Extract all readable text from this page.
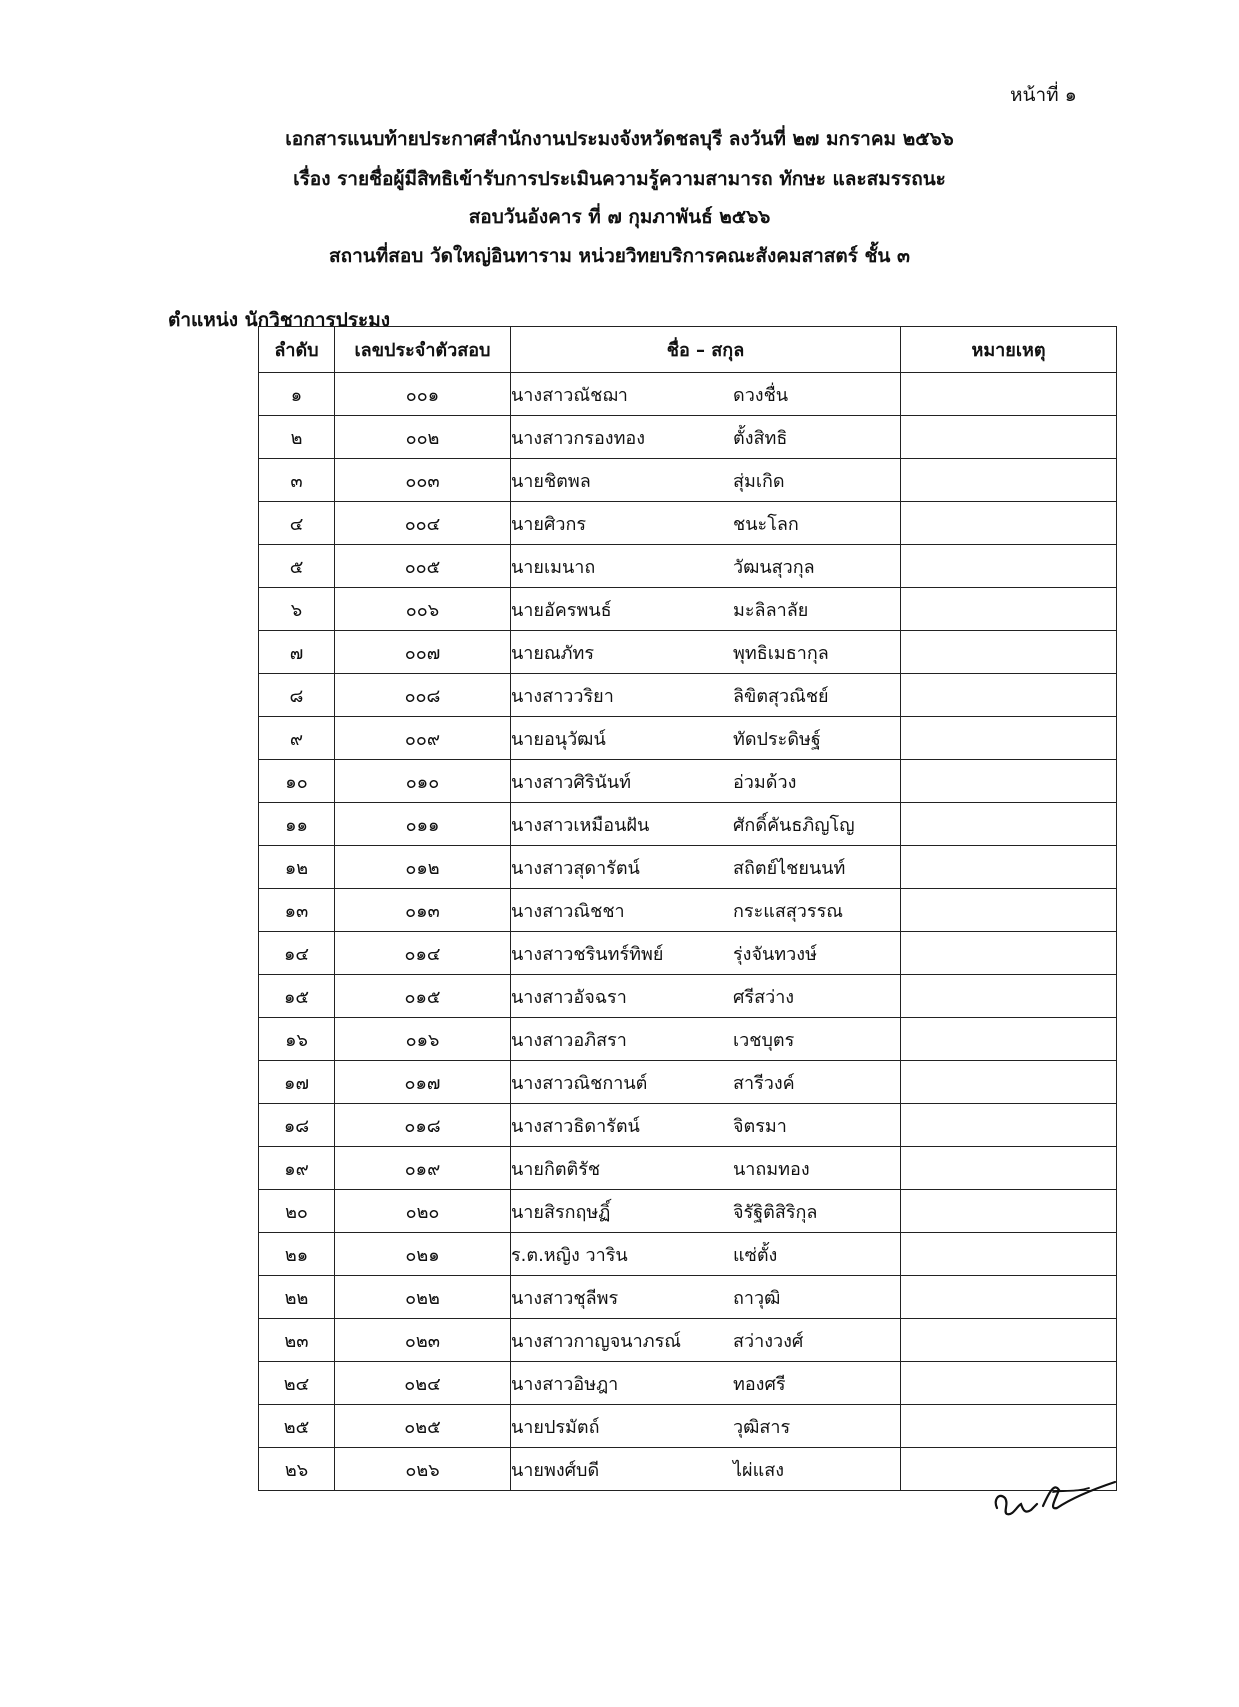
หน้าที่ ๑
เอกสารแนบท้ายประกาศสำนักงานประมงจังหวัดชลบุรี ลงวันที่ ๒๗ มกราคม ๒๕๖๖
เรื่อง รายชื่อผู้มีสิทธิเข้ารับการประเมินความรู้ความสามารถ ทักษะ และสมรรถนะ
สอบวันอังคาร ที่ ๗ กุมภาพันธ์ ๒๕๖๖
สถานที่สอบ วัดใหญ่อินทาราม หน่วยวิทยบริการคณะสังคมสาสตร์ ชั้น ๓
ตำแหน่ง นักวิชาการประมง
ลำดับ	เลขประจำตัวสอบ	ชื่อ – สกุล	หมายเหตุ
๑	๐๐๑	นางสาวณัชฌา ดวงชื่น	
๒	๐๐๒	นางสาวกรองทอง ตั้งสิทธิ	
๓	๐๐๓	นายชิตพล สุ่มเกิด	
๔	๐๐๔	นายศิวกร ชนะโลก	
๕	๐๐๕	นายเมนาถ วัฒนสุวกุล	
๖	๐๐๖	นายอัครพนธ์ มะลิลาลัย	
๗	๐๐๗	นายณภัทร พุทธิเมธากุล	
๘	๐๐๘	นางสาววริยา ลิขิตสุวณิชย์	
๙	๐๐๙	นายอนุวัฒน์ ทัดประดิษฐ์	
๑๐	๐๑๐	นางสาวศิรินันท์ อ่วมด้วง	
๑๑	๐๑๑	นางสาวเหมือนฝัน ศักดิ์คันธภิญโญ	
๑๒	๐๑๒	นางสาวสุดารัตน์ สถิตย์ไชยนนท์	
๑๓	๐๑๓	นางสาวณิชชา กระแสสุวรรณ	
๑๔	๐๑๔	นางสาวชรินทร์ทิพย์ รุ่งจันทวงษ์	
๑๕	๐๑๕	นางสาวอัจฉรา ศรีสว่าง	
๑๖	๐๑๖	นางสาวอภิสรา เวชบุตร	
๑๗	๐๑๗	นางสาวณิชกานต์ สารีวงค์	
๑๘	๐๑๘	นางสาวธิดารัตน์ จิตรมา	
๑๙	๐๑๙	นายกิตติรัช นาถมทอง	
๒๐	๐๒๐	นายสิรกฤษฏิ์ จิรัฐิติสิริกุล	
๒๑	๐๒๑	ร.ต.หญิง วาริน แซ่ตั้ง	
๒๒	๐๒๒	นางสาวชุลีพร ถาวุฒิ	
๒๓	๐๒๓	นางสาวกาญจนาภรณ์ สว่างวงศ์	
๒๔	๐๒๔	นางสาวอิษฎา ทองศรี	
๒๕	๐๒๕	นายปรมัตถ์ วุฒิสาร	
๒๖	๐๒๖	นายพงศ์บดี ไผ่แสง	
